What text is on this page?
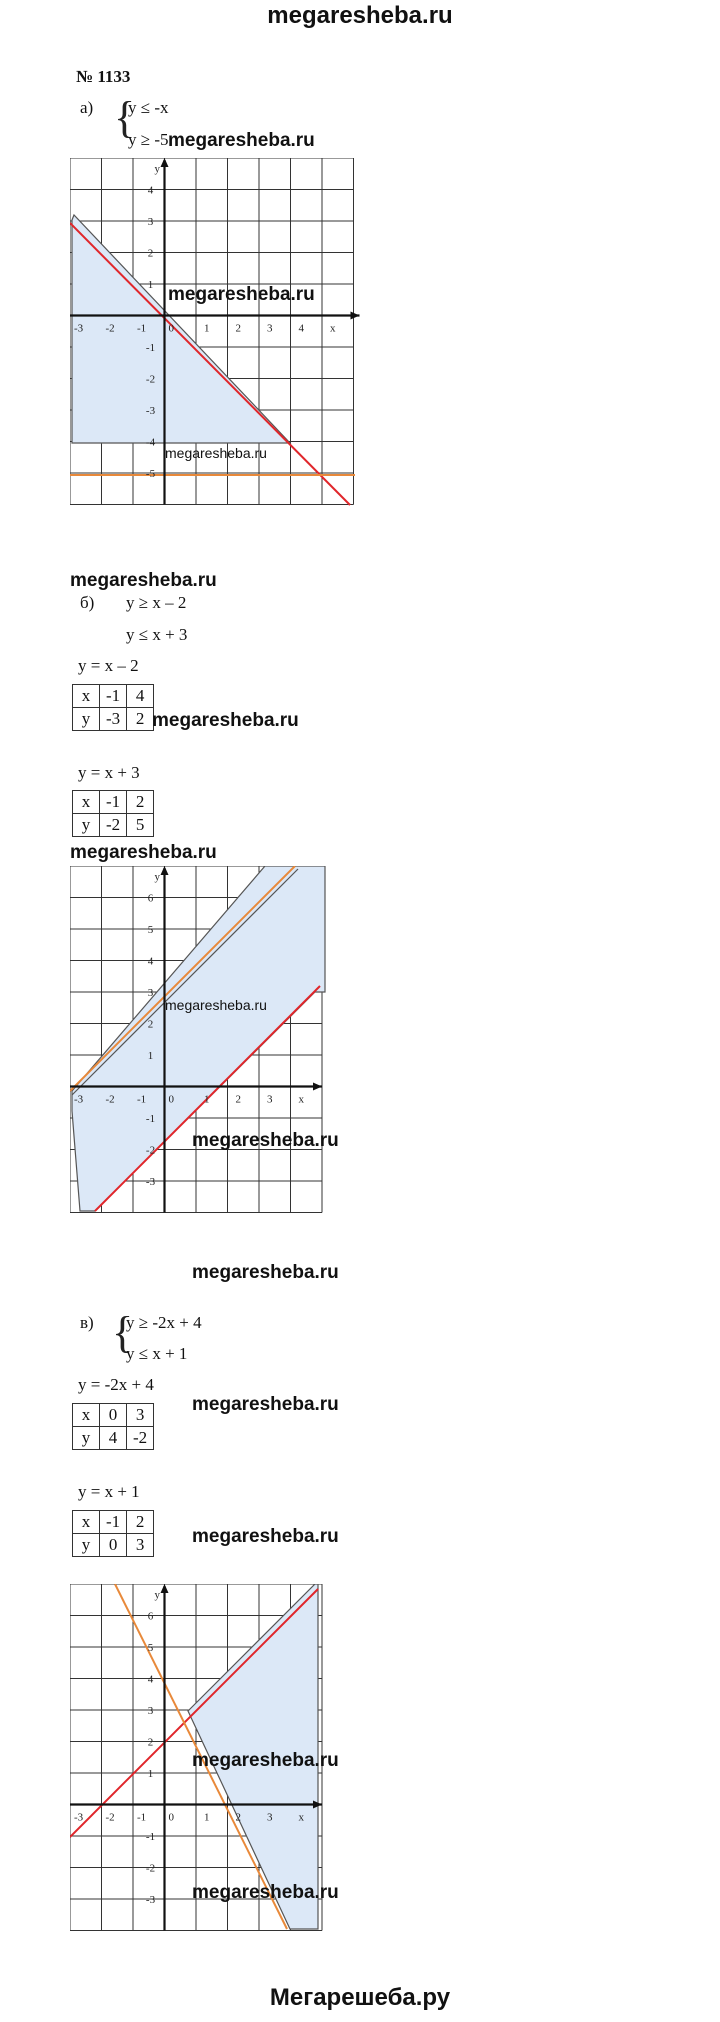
megaresheba.ru
Мегарешеба.ру
№ 1133
а) {
y ≤ -x
y ≥ -5 megaresheba.ru
-3 -2 -1 0	1 2 3 4 x
4
3
2
1
-1
-2
-3
-4
-5
y
megaresheba.ru
megaresheba.ru
megaresheba.ru
б) y ≥ x – 2
y ≤ x + 3
y = x – 2
x	-1	4
y	-3	2 megaresheba.ru
y = x + 3
x	-1	2
y	-2	5
megaresheba.ru
-3 -2 -1 0	1 2 3 x
6
5
4
3
2
1
-1
-2
-3
y
megaresheba.ru
megaresheba.ru
megaresheba.ru
в) {
y ≥ -2x + 4
y ≤ x + 1
y = -2x + 4
x	0	3
y	4	-2
megaresheba.ru
y = x + 1
x	-1	2
y	0	3	megaresheba.ru
-3 -2 -1 0	1 2 3 x
6
5
4
3
2
1
-1
-2
-3
y
megaresheba.ru
megaresheba.ru
